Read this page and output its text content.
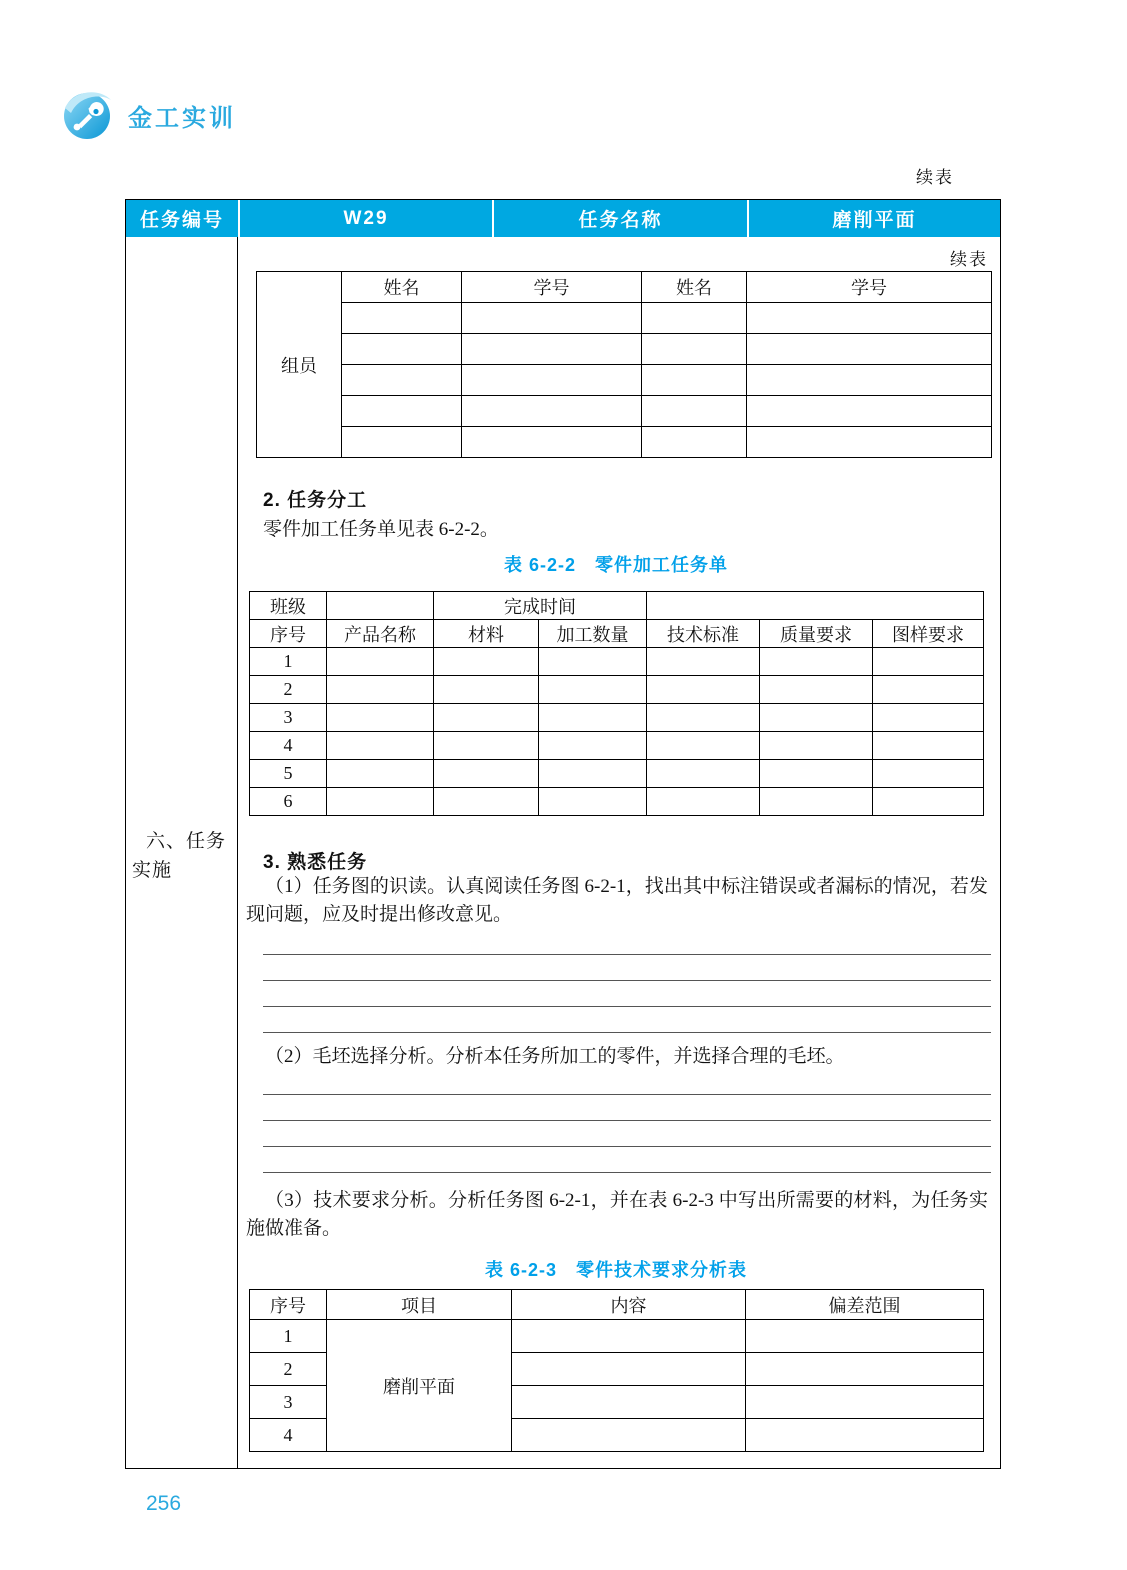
金工实训
续表
任务编号	W29	任务名称	磨削平面
六、任务实施
续表
组员	姓名	学号	姓名	学号

2. 任务分工
零件加工任务单见表 6-2-2。
表 6-2-2　零件加工任务单
班级		完成时间				
序号	产品名称	材料	加工数量	技术标准	质量要求	图样要求
1						
2						
3						
4						
5						
6						
3. 熟悉任务
（1）任务图的识读。认真阅读任务图 6-2-1，找出其中标注错误或者漏标的情况，若发现问题，应及时提出修改意见。
（2）毛坯选择分析。分析本任务所加工的零件，并选择合理的毛坯。
（3）技术要求分析。分析任务图 6-2-1，并在表 6-2-3 中写出所需要的材料，为任务实施做准备。
表 6-2-3　零件技术要求分析表
序号	项目	内容	偏差范围
1	磨削平面		
2			
3			
4			
256
